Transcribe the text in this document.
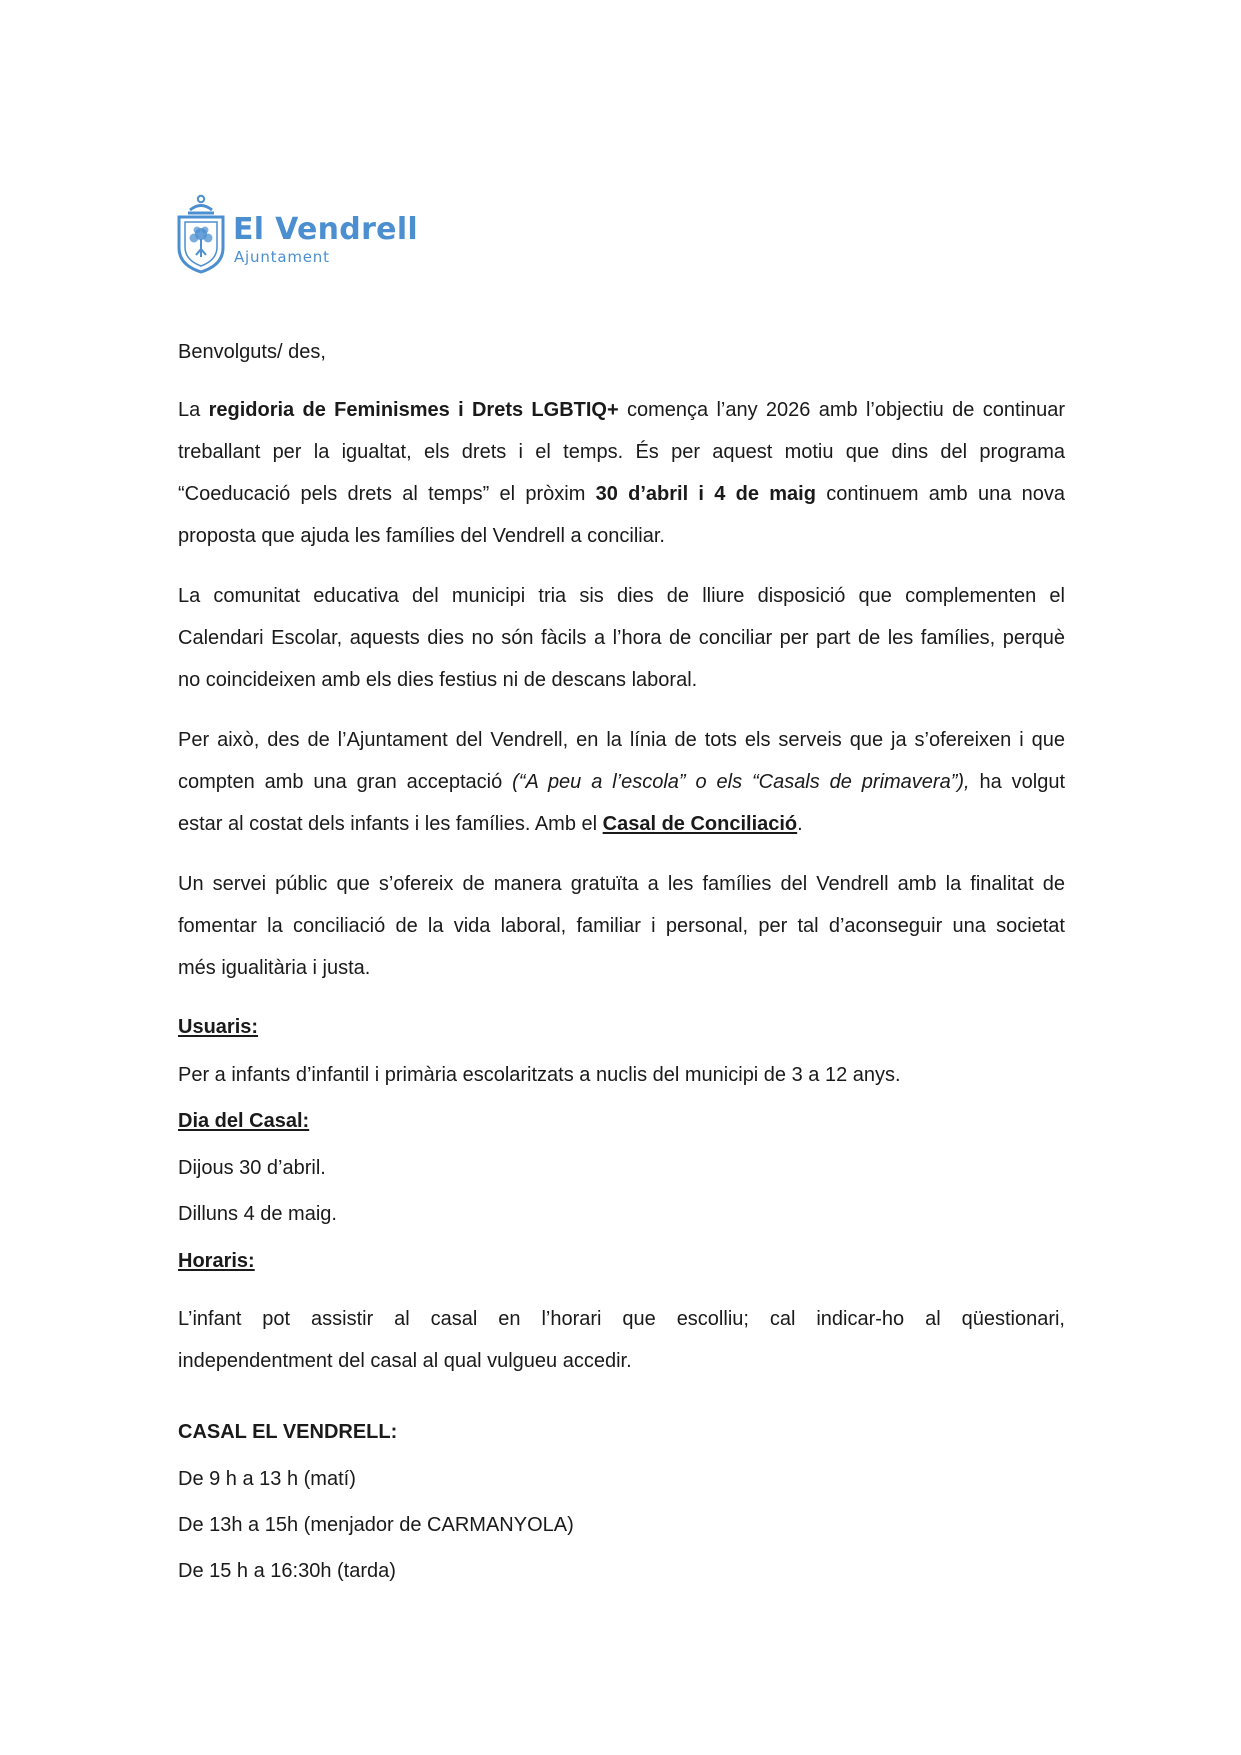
El Vendrell
Ajuntament
Benvolguts/ des,
La regidoria de Feminismes i Drets LGBTIQ+ comença l’any 2026 amb l’objectiu de continuar
treballant per la igualtat, els drets i el temps. És per aquest motiu que dins del programa
“Coeducació pels drets al temps” el pròxim 30 d’abril i 4 de maig continuem amb una nova
proposta que ajuda les famílies del Vendrell a conciliar.
La comunitat educativa del municipi tria sis dies de lliure disposició que complementen el
Calendari Escolar, aquests dies no són fàcils a l’hora de conciliar per part de les famílies, perquè
no coincideixen amb els dies festius ni de descans laboral.
Per això, des de l’Ajuntament del Vendrell, en la línia de tots els serveis que ja s’ofereixen i que
compten amb una gran acceptació (“A peu a l’escola” o els “Casals de primavera”), ha volgut
estar al costat dels infants i les famílies. Amb el Casal de Conciliació.
Un servei públic que s’ofereix de manera gratuïta a les famílies del Vendrell amb la finalitat de
fomentar la conciliació de la vida laboral, familiar i personal, per tal d’aconseguir una societat
més igualitària i justa.
Usuaris:
Per a infants d’infantil i primària escolaritzats a nuclis del municipi de 3 a 12 anys.
Dia del Casal:
Dijous 30 d’abril.
Dilluns 4 de maig.
Horaris:
L’infant pot assistir al casal en l’horari que escolliu; cal indicar-ho al qüestionari,
independentment del casal al qual vulgueu accedir.
CASAL EL VENDRELL:
De 9 h a 13 h (matí)
De 13h a 15h (menjador de CARMANYOLA)
De 15 h a 16:30h (tarda)
